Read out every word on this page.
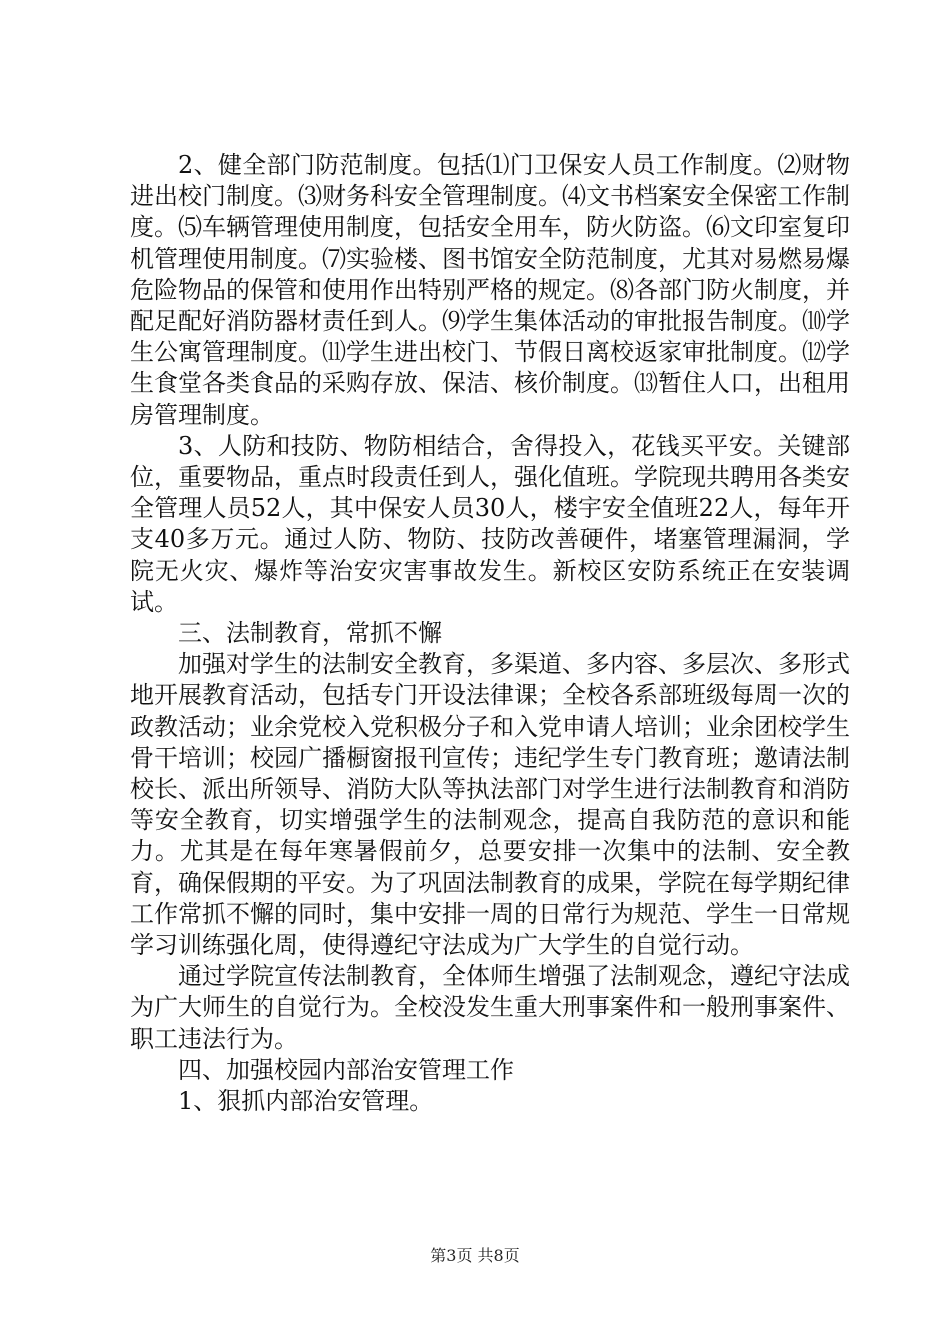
2、健全部门防范制度。包括⑴门卫保安人员工作制度。⑵财物进出校门制度。⑶财务科安全管理制度。⑷文书档案安全保密工作制度。⑸车辆管理使用制度，包括安全用车，防火防盗。⑹文印室复印机管理使用制度。⑺实验楼、图书馆安全防范制度，尤其对易燃易爆危险物品的保管和使用作出特别严格的规定。⑻各部门防火制度，并配足配好消防器材责任到人。⑼学生集体活动的审批报告制度。⑽学生公寓管理制度。⑾学生进出校门、节假日离校返家审批制度。⑿学生食堂各类食品的采购存放、保洁、核价制度。⒀暂住人口，出租用房管理制度。

3、人防和技防、物防相结合，舍得投入，花钱买平安。关键部位，重要物品，重点时段责任到人，强化值班。学院现共聘用各类安全管理人员52人，其中保安人员30人，楼宇安全值班22人，每年开支40多万元。通过人防、物防、技防改善硬件，堵塞管理漏洞，学院无火灾、爆炸等治安灾害事故发生。新校区安防系统正在安装调试。

三、法制教育，常抓不懈

加强对学生的法制安全教育，多渠道、多内容、多层次、多形式地开展教育活动，包括专门开设法律课；全校各系部班级每周一次的政教活动；业余党校入党积极分子和入党申请人培训；业余团校学生骨干培训；校园广播橱窗报刊宣传；违纪学生专门教育班；邀请法制校长、派出所领导、消防大队等执法部门对学生进行法制教育和消防等安全教育，切实增强学生的法制观念，提高自我防范的意识和能力。尤其是在每年寒暑假前夕，总要安排一次集中的法制、安全教育，确保假期的平安。为了巩固法制教育的成果，学院在每学期纪律工作常抓不懈的同时，集中安排一周的日常行为规范、学生一日常规学习训练强化周，使得遵纪守法成为广大学生的自觉行动。

通过学院宣传法制教育，全体师生增强了法制观念，遵纪守法成为广大师生的自觉行为。全校没发生重大刑事案件和一般刑事案件、职工违法行为。

四、加强校园内部治安管理工作

1、狠抓内部治安管理。

第3页 共8页
